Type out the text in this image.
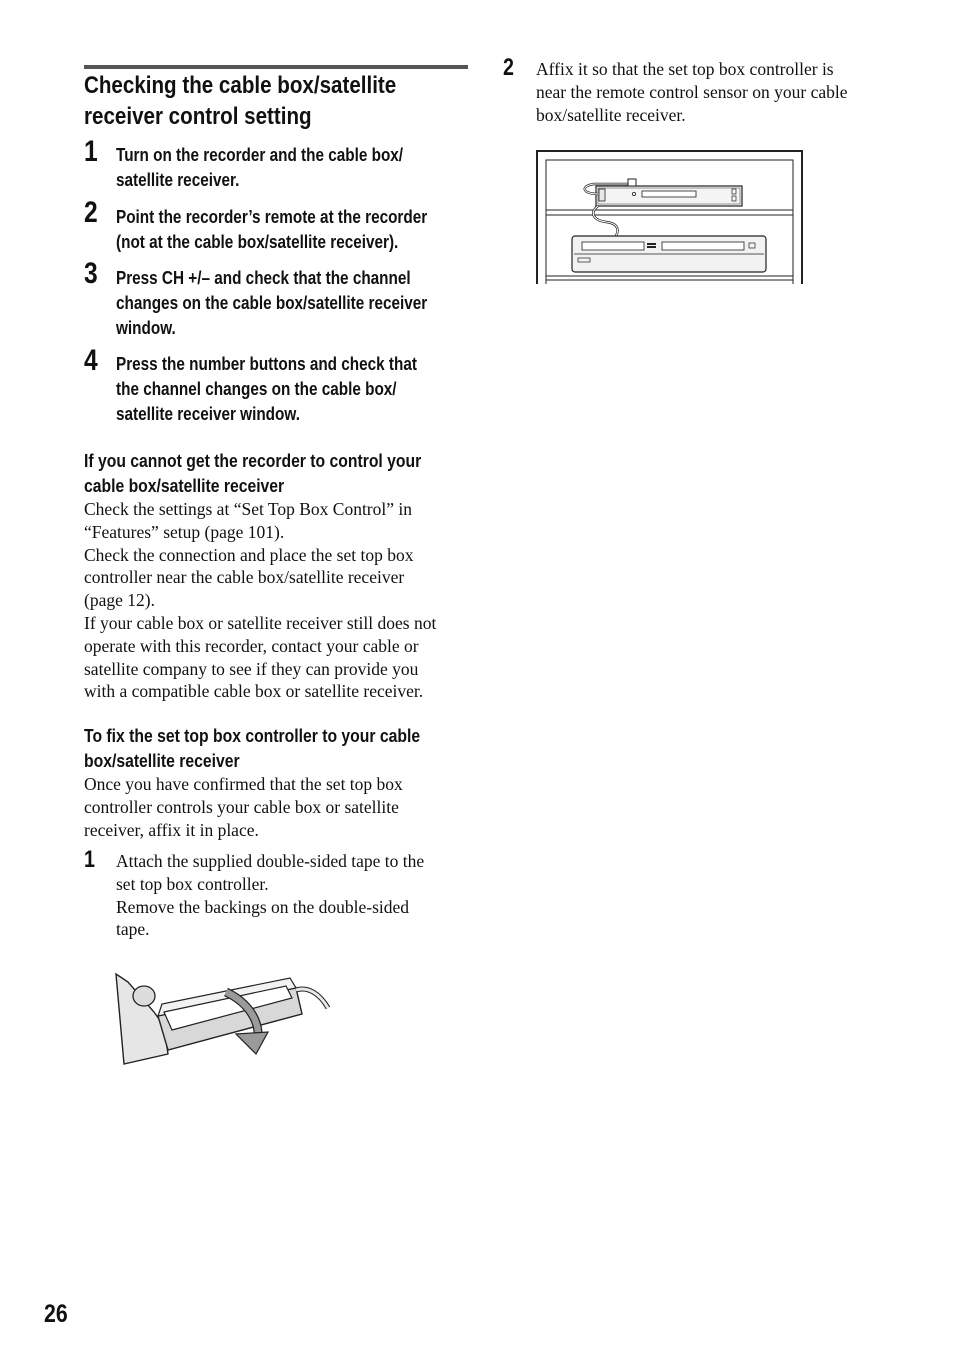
Checking the cable box/satellite
receiver control setting
1 Turn on the recorder and the cable box/
satellite receiver.
2 Point the recorder’s remote at the recorder
(not at the cable box/satellite receiver).
3 Press CH +/– and check that the channel
changes on the cable box/satellite receiver
window.
4 Press the number buttons and check that
the channel changes on the cable box/
satellite receiver window.
If you cannot get the recorder to control your
cable box/satellite receiver
Check the settings at “Set Top Box Control” in
“Features” setup (page 101).
Check the connection and place the set top box
controller near the cable box/satellite receiver
(page 12).
If your cable box or satellite receiver still does not
operate with this recorder, contact your cable or
satellite company to see if they can provide you
with a compatible cable box or satellite receiver.
To fix the set top box controller to your cable
box/satellite receiver
Once you have confirmed that the set top box
controller controls your cable box or satellite
receiver, affix it in place.
1 Attach the supplied double-sided tape to the
set top box controller.
Remove the backings on the double-sided
tape.
2 Affix it so that the set top box controller is
near the remote control sensor on your cable
box/satellite receiver.
26
